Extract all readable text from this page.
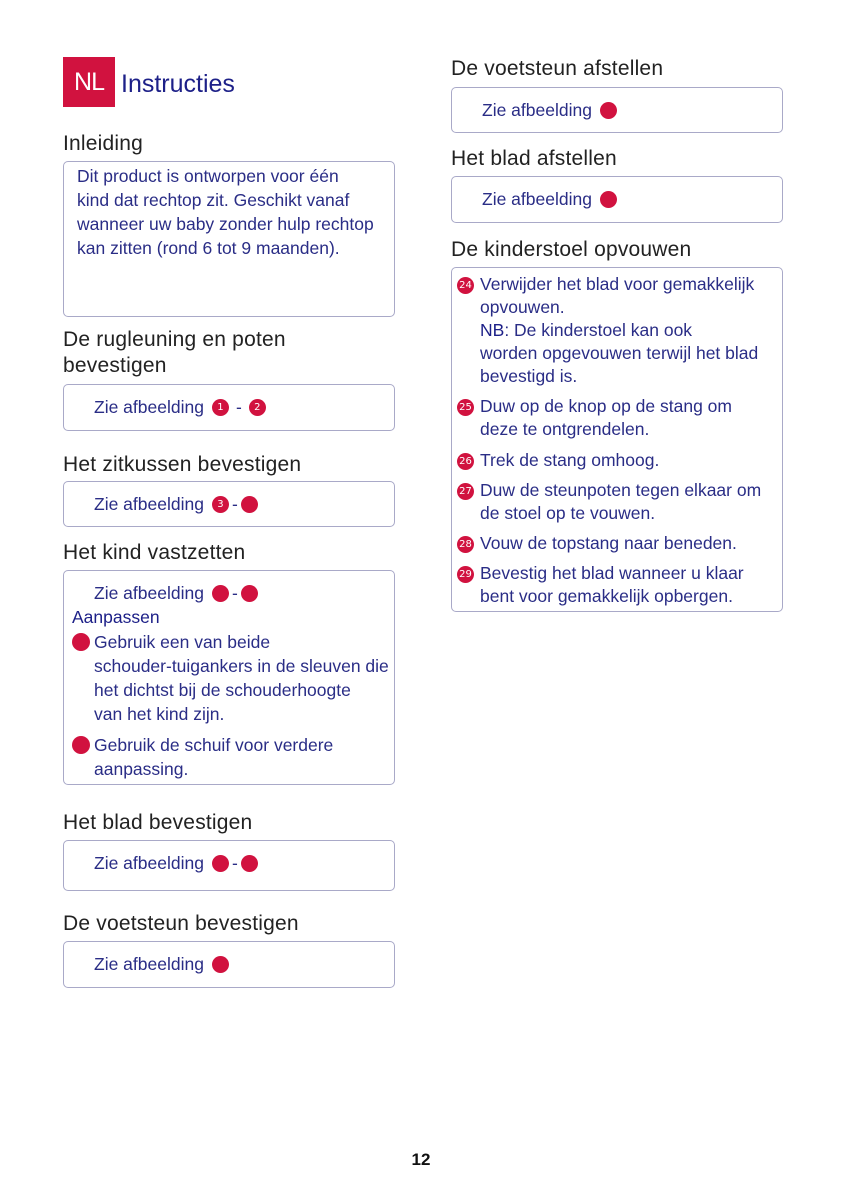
NL Instructies
Inleiding
Dit product is ontworpen voor één
kind dat rechtop zit. Geschikt vanaf
wanneer uw baby zonder hulp rechtop
kan zitten (rond 6 tot 9 maanden).
De rugleuning en poten
bevestigen
Zie afbeelding	1 -	2
Het zitkussen bevestigen
Zie afbeelding	3 -
Het kind vastzetten
Zie afbeelding -
Aanpassen
Gebruik een van beide
schouder-tuigankers in de sleuven die
het dichtst bij de schouderhoogte
van het kind zijn.
Gebruik de schuif voor verdere
aanpassing.
Het blad bevestigen
Zie afbeelding -
De voetsteun bevestigen
Zie afbeelding
De voetsteun afstellen
Zie afbeelding
Het blad afstellen
Zie afbeelding
De kinderstoel opvouwen
24 Verwijder het blad voor gemakkelijk
opvouwen.
NB: De kinderstoel kan ook
worden opgevouwen terwijl het blad
bevestigd is.
25 Duw op de knop op de stang om
deze te ontgrendelen.
26 Trek de stang omhoog.
27 Duw de steunpoten tegen elkaar om
de stoel op te vouwen.
28 Vouw de topstang naar beneden.
29 Bevestig het blad wanneer u klaar
bent voor gemakkelijk opbergen.
12
